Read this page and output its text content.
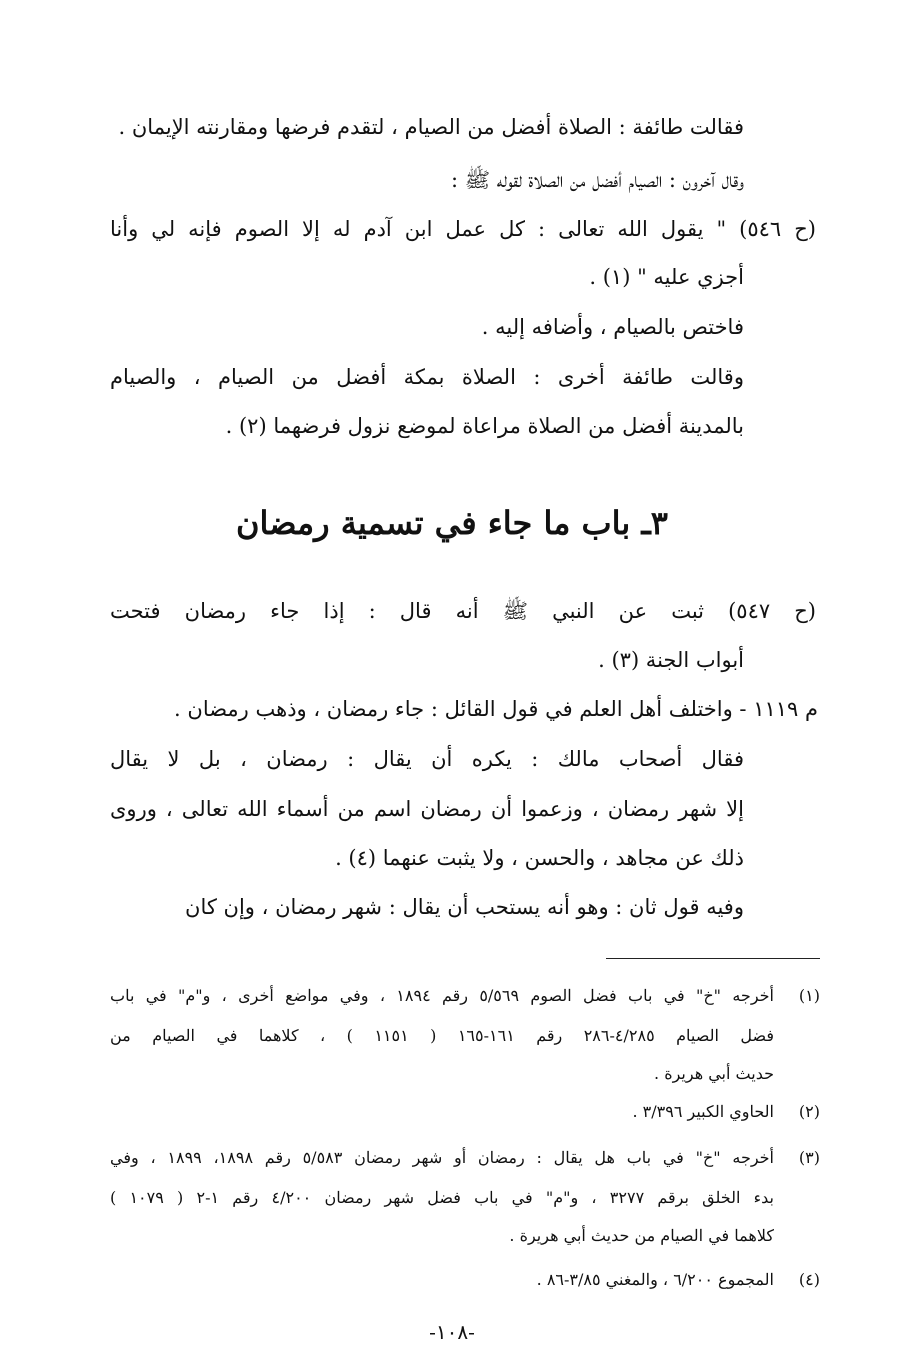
فقالت طائفة : الصلاة أفضل من الصيام ، لتقدم فرضها ومقارنته الإيمان .
وقال آخرون : الصيام أفضل من الصلاة لقوله ﷺ :
(ح ٥٤٦) " يقول الله تعالى : كل عمل ابن آدم له إلا الصوم فإنه لي وأنا
أجزي عليه " (١) .
فاختص بالصيام ، وأضافه إليه .
وقالت طائفة أخرى : الصلاة بمكة أفضل من الصيام ، والصيام
بالمدينة أفضل من الصلاة مراعاة لموضع نزول فرضهما (٢) .
٣ـ باب ما جاء في تسمية رمضان
(ح ٥٤٧) ثبت عن النبي ﷺ أنه قال : إذا جاء رمضان فتحت
أبواب الجنة (٣) .
م ١١١٩ - واختلف أهل العلم في قول القائل : جاء رمضان ، وذهب رمضان .
فقال أصحاب مالك : يكره أن يقال : رمضان ، بل لا يقال
إلا شهر رمضان ، وزعموا أن رمضان اسم من أسماء الله تعالى ، وروى
ذلك عن مجاهد ، والحسن ، ولا يثبت عنهما (٤) .
وفيه قول ثان : وهو أنه يستحب أن يقال : شهر رمضان ، وإن كان
(١)
أخرجه "خ" في باب فضل الصوم ٥/٥٦٩ رقم ١٨٩٤ ، وفي مواضع أخرى ، و"م" في باب
فضل الصيام ٤/٢٨٥-٢٨٦ رقم ١٦١-١٦٥ ( ١١٥١ ) ، كلاهما في الصيام من
حديث أبي هريرة .
(٢)
الحاوي الكبير ٣/٣٩٦ .
(٣)
أخرجه "خ" في باب هل يقال : رمضان أو شهر رمضان ٥/٥٨٣ رقم ١٨٩٨، ١٨٩٩ ، وفي
بدء الخلق برقم ٣٢٧٧ ، و"م" في باب فضل شهر رمضان ٤/٢٠٠ رقم ١-٢ ( ١٠٧٩ )
كلاهما في الصيام من حديث أبي هريرة .
(٤)
المجموع ٦/٢٠٠ ، والمغني ٣/٨٥-٨٦ .
-١٠٨-
